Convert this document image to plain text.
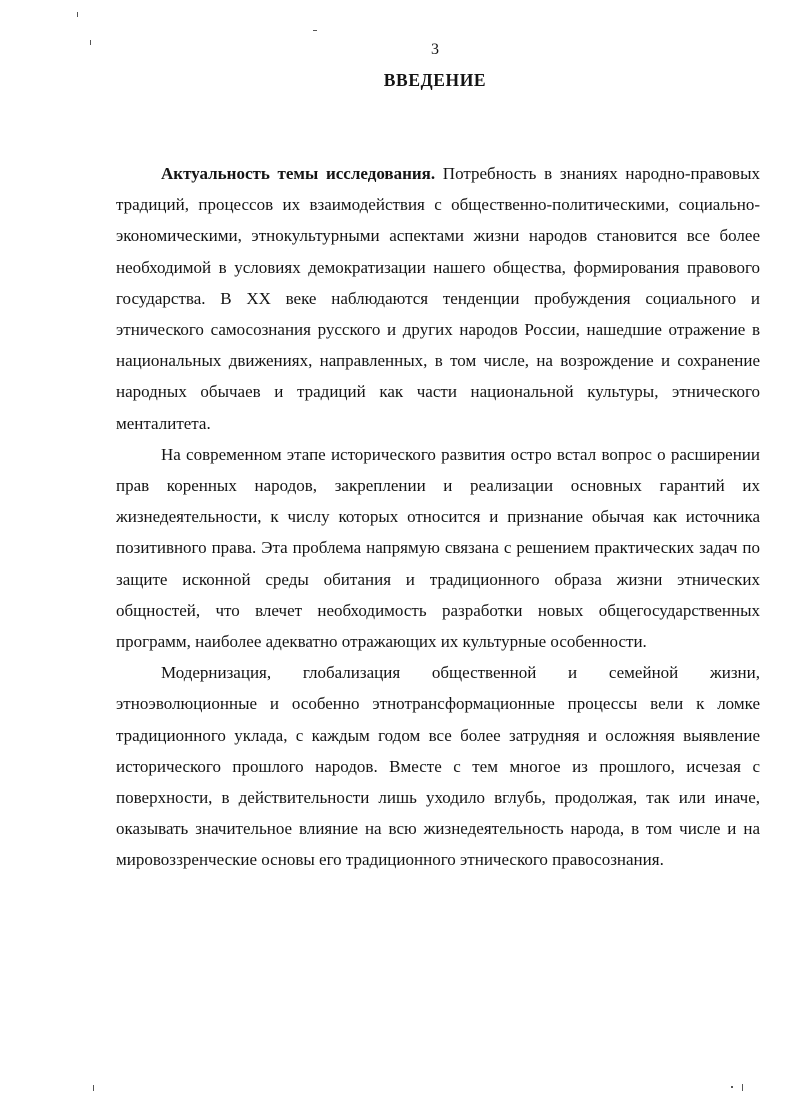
3
ВВЕДЕНИЕ

Актуальность темы исследования. Потребность в знаниях народно-правовых традиций, процессов их взаимодействия с общественно-политическими, социально-экономическими, этнокультурными аспектами жизни народов становится все более необходимой в условиях демократизации нашего общества, формирования правового государства. В XX веке наблюдаются тенденции пробуждения социального и этнического самосознания русского и других народов России, нашедшие отражение в национальных движениях, направленных, в том числе, на возрождение и сохранение народных обычаев и традиций как части национальной культуры, этнического менталитета.

На современном этапе исторического развития остро встал вопрос о расширении прав коренных народов, закреплении и реализации основных гарантий их жизнедеятельности, к числу которых относится и признание обычая как источника позитивного права. Эта проблема напрямую связана с решением практических задач по защите исконной среды обитания и традиционного образа жизни этнических общностей, что влечет необходимость разработки новых общегосударственных программ, наиболее адекватно отражающих их культурные особенности.

Модернизация, глобализация общественной и семейной жизни, этноэволюционные и особенно этнотрансформационные процессы вели к ломке традиционного уклада, с каждым годом все более затрудняя и осложняя выявление исторического прошлого народов. Вместе с тем многое из прошлого, исчезая с поверхности, в действительности лишь уходило вглубь, продолжая, так или иначе, оказывать значительное влияние на всю жизнедеятельность народа, в том числе и на мировоззренческие основы его традиционного этнического правосознания.
